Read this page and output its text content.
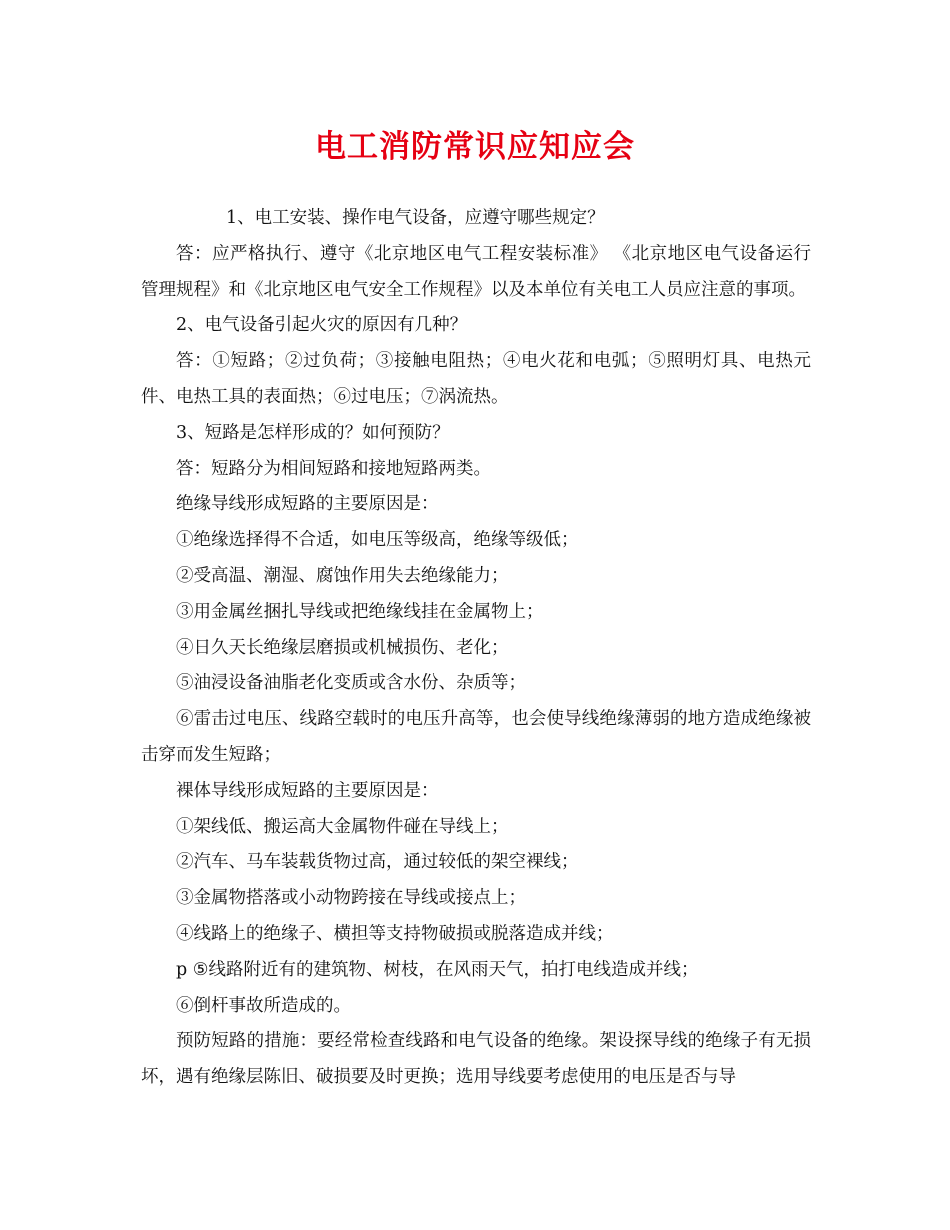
电工消防常识应知应会

1、电工安装、操作电气设备，应遵守哪些规定？

答：应严格执行、遵守《北京地区电气工程安装标准》 《北京地区电气设备运行管理规程》和《北京地区电气安全工作规程》以及本单位有关电工人员应注意的事项。

2、电气设备引起火灾的原因有几种？

答：①短路；②过负荷；③接触电阻热；④电火花和电弧；⑤照明灯具、电热元件、电热工具的表面热；⑥过电压；⑦涡流热。

3、短路是怎样形成的？如何预防？

答：短路分为相间短路和接地短路两类。

绝缘导线形成短路的主要原因是：

①绝缘选择得不合适，如电压等级高，绝缘等级低；

②受高温、潮湿、腐蚀作用失去绝缘能力；

③用金属丝捆扎导线或把绝缘线挂在金属物上；

④日久天长绝缘层磨损或机械损伤、老化；

⑤油浸设备油脂老化变质或含水份、杂质等；

⑥雷击过电压、线路空载时的电压升高等，也会使导线绝缘薄弱的地方造成绝缘被击穿而发生短路；

裸体导线形成短路的主要原因是：

①架线低、搬运高大金属物件碰在导线上；

②汽车、马车装载货物过高，通过较低的架空裸线；

③金属物搭落或小动物跨接在导线或接点上；

④线路上的绝缘子、横担等支持物破损或脱落造成并线；

p ⑤线路附近有的建筑物、树枝，在风雨天气，拍打电线造成并线；

⑥倒杆事故所造成的。

预防短路的措施：要经常检查线路和电气设备的绝缘。架设探导线的绝缘子有无损坏，遇有绝缘层陈旧、破损要及时更换；选用导线要考虑使用的电压是否与导
